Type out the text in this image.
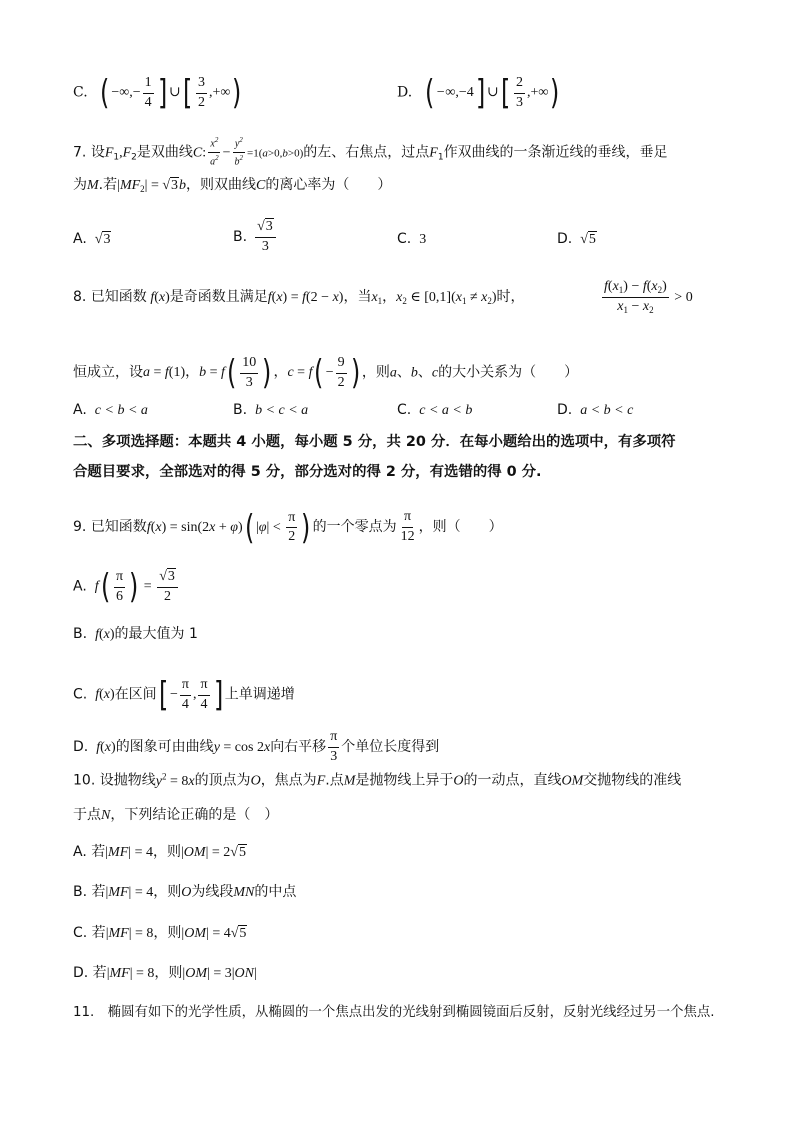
C. ( −∞,− $\frac{1}{4}$ ] ∪[ $\frac{3}{2}$ ,+∞)	D. ( −∞,−4] ∪[ $\frac{2}{3}$ ,+∞)
7. 设$F_1,F_2$是双曲线C: $\frac{x^2}{a^2} - \frac{y^2}{b^2} =1(a>0,b>0)$的左、右焦点，过点$F_1$作双曲线的一条渐近线的垂线，垂足
为M.若$|MF_2| = √3b$，则双曲线C的离心率为（　　）
A. √3	B. $\frac{√3}{3}$	C. 3	D. √5
8. 已知函数 f(x)是奇函数且满足f(x) = f(2 − x)，当$x_1$，$x_2$ ∈ $[0,1](x_1 \ne x_2)$时，	$\frac{f(x_1) - f(x_2)}{x_1 - x_2} > 0$
恒成立，设a = f(1)，$b = f( \frac{10}{3}$ ) ，$c = f( - \frac{9}{2}$ ) ，则a、b、c的大小关系为（　　）
A. c < b < a	B. b < c < a	C. c < a < b	D. a < b < c
二、多项选择题：本题共 4 小题，每小题 5 分，共 20 分．在每小题给出的选项中，有多项符
合题目要求，全部选对的得 5 分，部分选对的得 2 分，有选错的得 0 分.
9. 已知函数f(x) = sin(2x + φ)( $|\varphi| < \frac{\pi}{2}$ ) 的一个零点为 $\frac{\pi}{12}$ ，则（　　）
A. $f( \frac{\pi}{6}$ ) = $\frac{√3}{2}$
B. f(x)的最大值为 1
C. f(x)在区间[ − $\frac{\pi}{4}$ , $\frac{\pi}{4}$ ] 上单调递增
D. f(x)的图象可由曲线y = cos 2x向右平移 $\frac{\pi}{3}$ 个单位长度得到
10. 设抛物线$y^2 = 8x$的顶点为O，焦点为F.点M是抛物线上异于O的一动点，直线OM交抛物线的准线
于点N，下列结论正确的是（　）
A. 若|MF| = 4，则|OM| = 2√5
B. 若|MF| = 4，则O为线段MN的中点
C. 若|MF| = 8，则|OM| = 4√5
D. 若|MF| = 8，则|OM| = 3|ON|
11.　椭圆有如下的光学性质，从椭圆的一个焦点出发的光线射到椭圆镜面后反射，反射光线经过另一个焦点.
